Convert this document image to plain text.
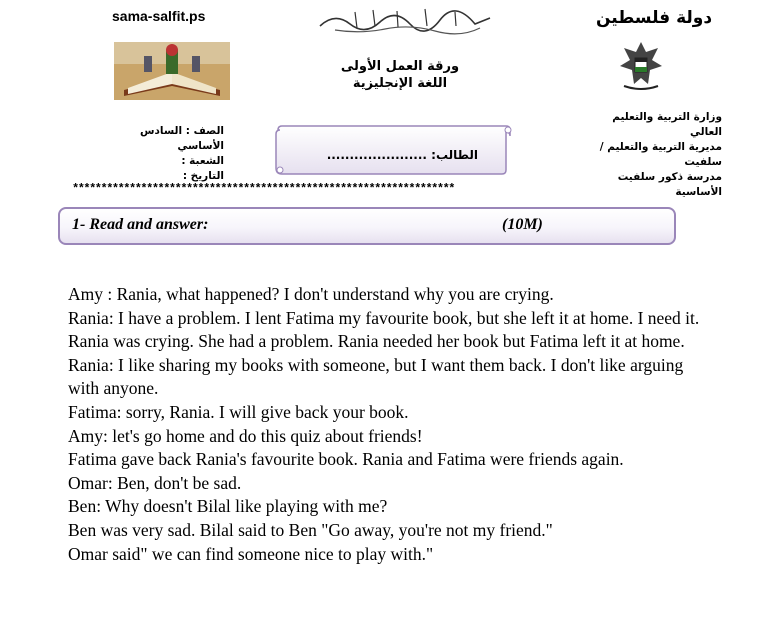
sama-salfit.ps	دولة فلسطين
ورقة العمل الأولى
اللغة الإنجليزية
وزارة التربية والتعليم العالي
مديرية التربية والتعليم / سلفيت
مدرسة ذكور سلفيت الأساسية
الصف : السادس الأساسي
الشعبة :
التاريخ :
الطالب: ......................
*******************************************************************
1- Read and answer:	(10M)

Amy : Rania, what happened? I don't understand why you are crying.

Rania: I have a problem. I lent Fatima my favourite book, but she left it at home. I need it.

Rania was crying. She had a problem. Rania needed her book but Fatima left it at home.

Rania: I like sharing my books with someone, but I want them back. I don't like arguing with anyone.

Fatima: sorry, Rania. I will give back your book.

Amy: let's go home and do this quiz about friends!

Fatima gave back Rania's favourite book. Rania and Fatima were friends again.

Omar: Ben, don't be sad.

Ben: Why doesn't Bilal like playing with me?

Ben was very sad. Bilal said to Ben "Go away, you're not my friend."

Omar said" we can find someone nice to play with."
